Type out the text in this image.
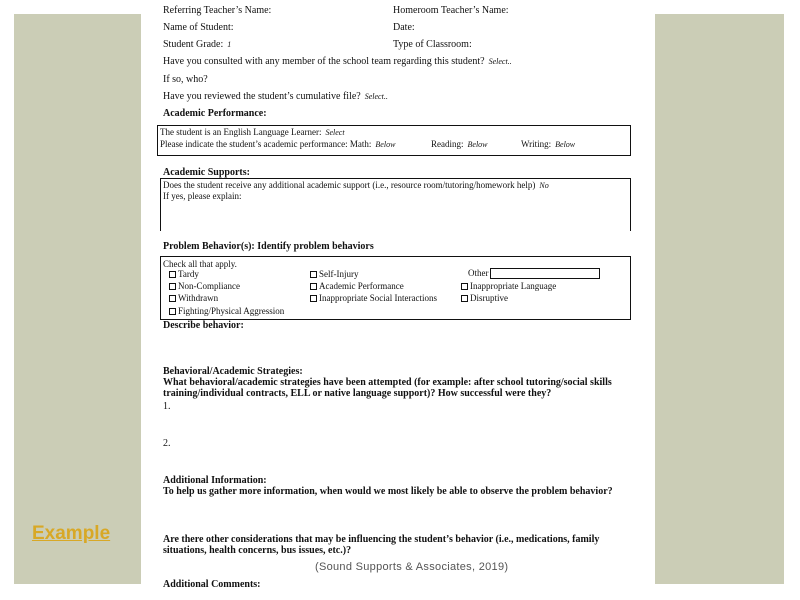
Example
Referring Teacher’s Name:	Homeroom Teacher’s Name:
Name of Student:	Date:
Student Grade: 1	Type of Classroom:
Have you consulted with any member of the school team regarding this student? Select..
If so, who?
Have you reviewed the student’s cumulative file? Select..
Academic Performance:
The student is an English Language Learner: Select
Please indicate the student’s academic performance: Math: Below	Reading: Below	Writing: Below
Academic Supports:
Does the student receive any additional academic support (i.e., resource room/tutoring/homework help) No
If yes, please explain:
Problem Behavior(s): Identify problem behaviors
Check all that apply.
Tardy	Self-Injury	Other
Non-Compliance	Academic Performance	Inappropriate Language
Withdrawn	Inappropriate Social Interactions	Disruptive
Fighting/Physical Aggression
Describe behavior:
Behavioral/Academic Strategies:
What behavioral/academic strategies have been attempted (for example: after school tutoring/social skills
training/individual contracts, ELL or native language support)? How successful were they?
1.
2.
Additional Information:
To help us gather more information, when would we most likely be able to observe the problem behavior?
Are there other considerations that may be influencing the student’s behavior (i.e., medications, family
situations, health concerns, bus issues, etc.)?
Additional Comments:
(Sound Supports & Associates, 2019)
